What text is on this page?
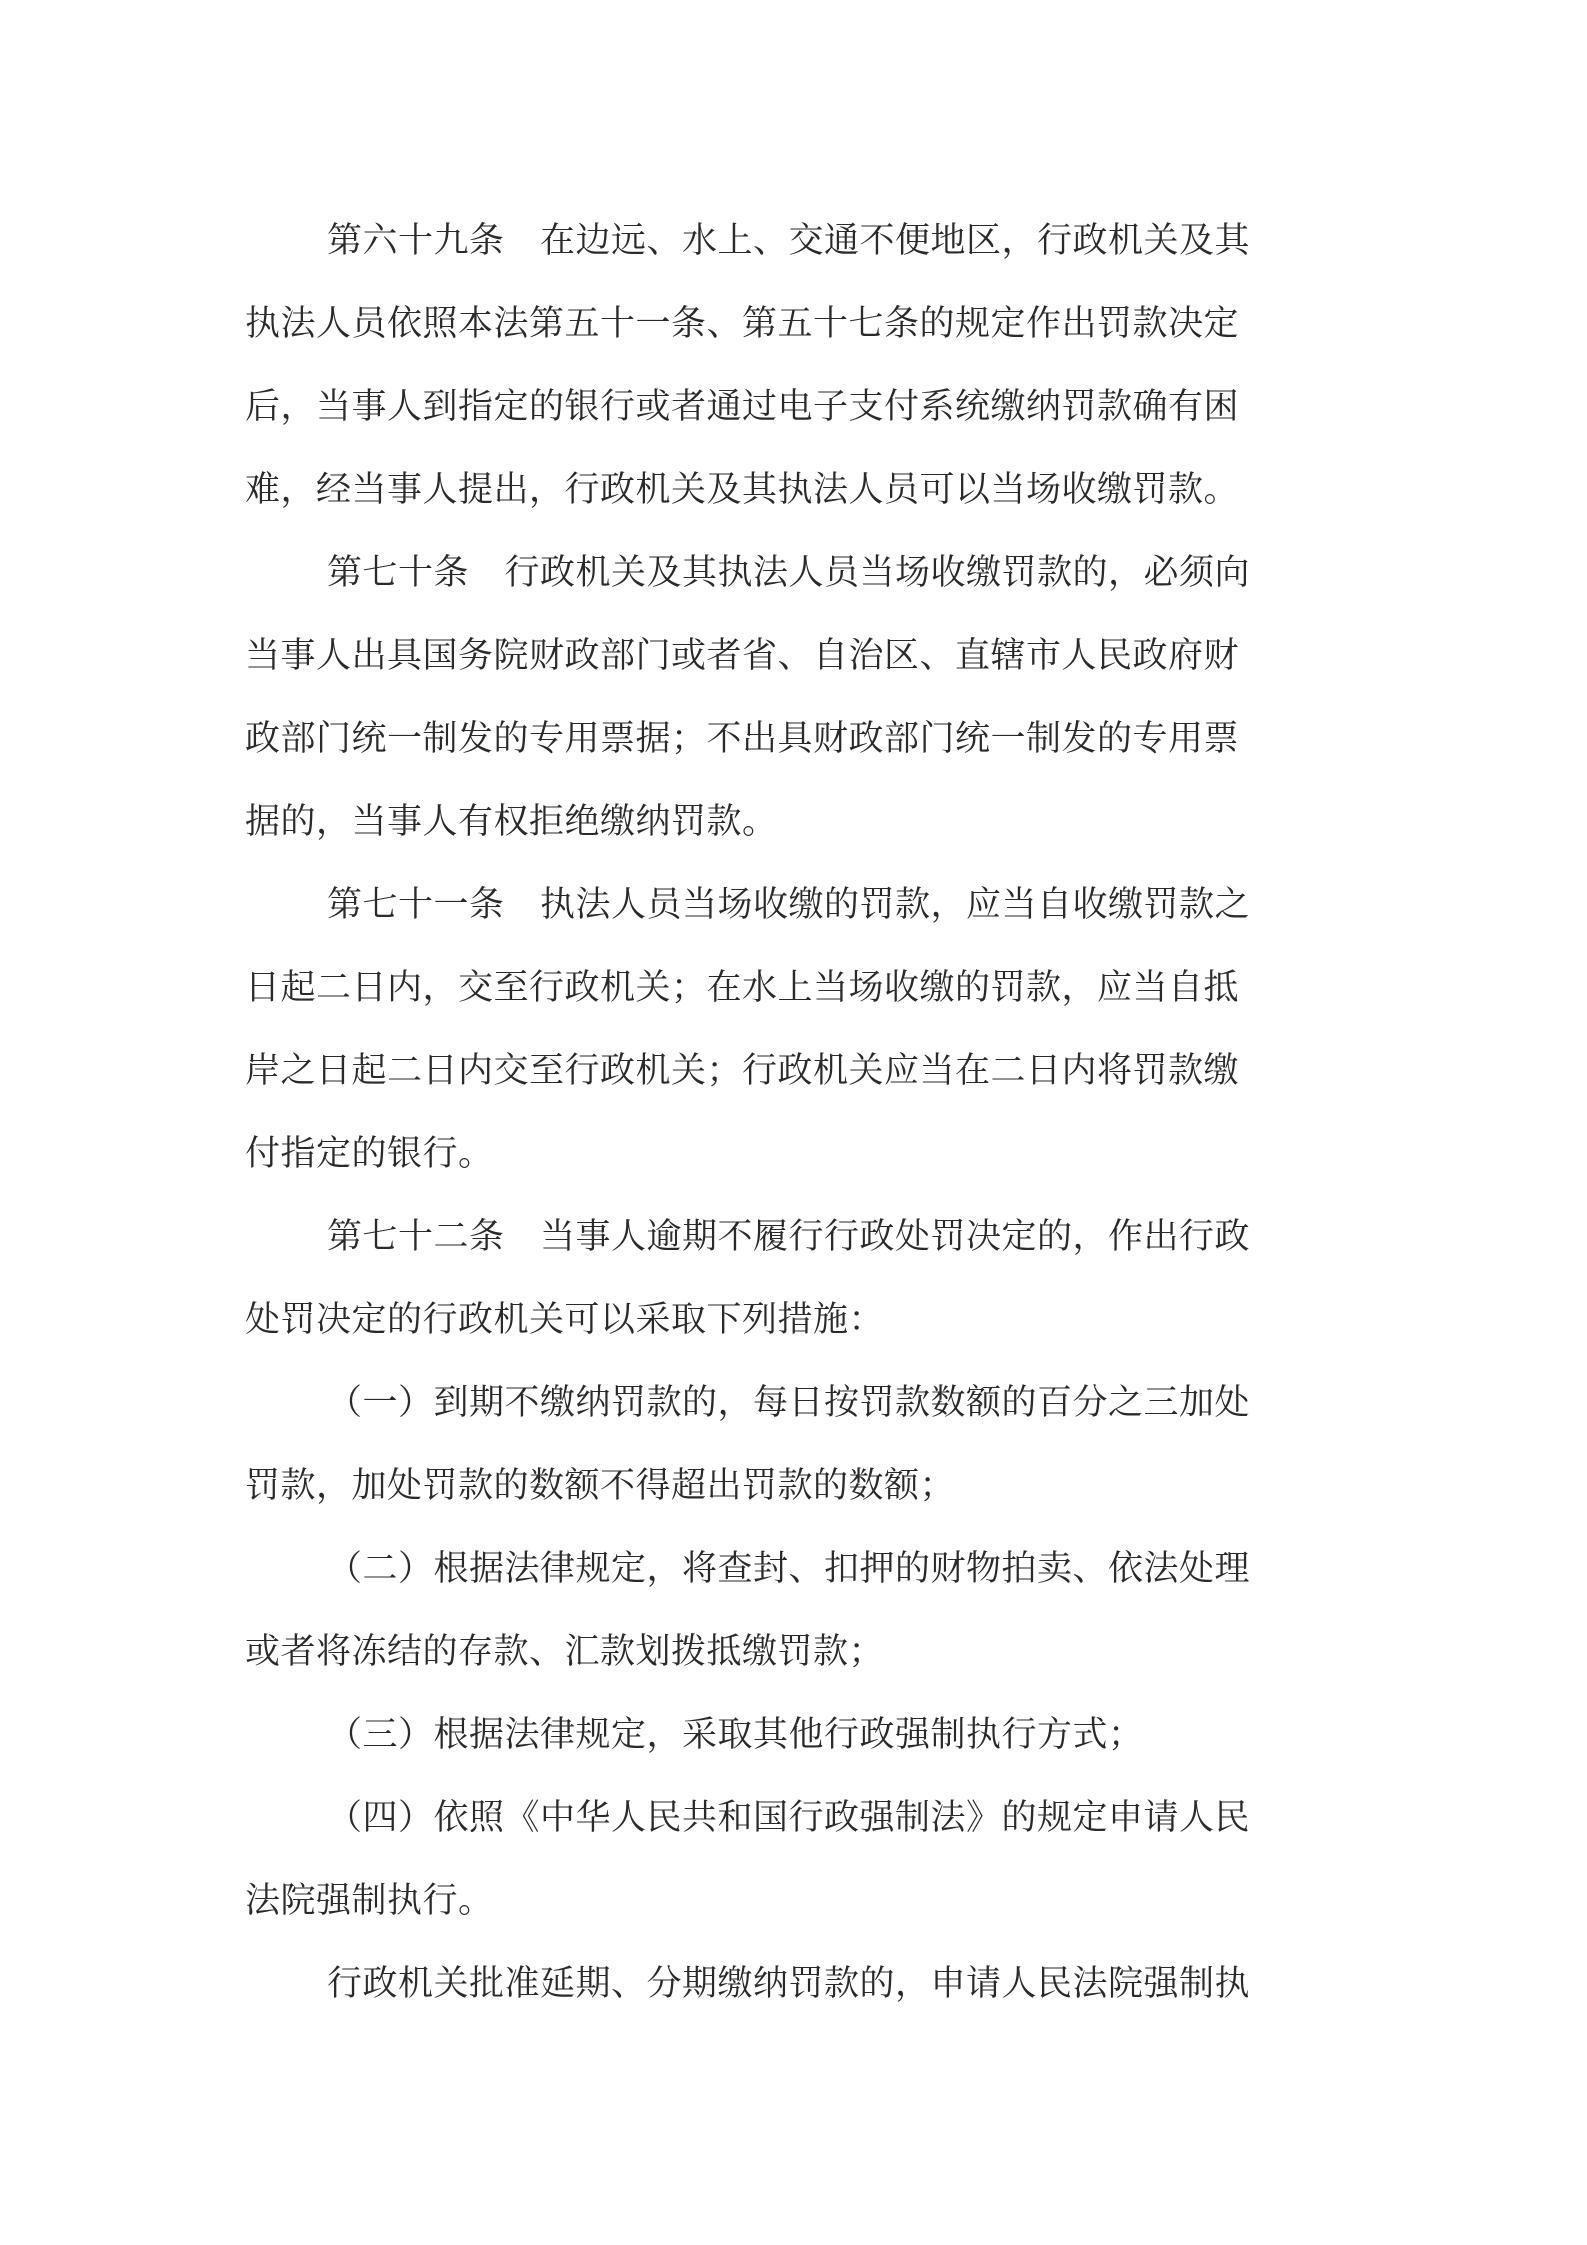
第六十九条　在边远、水上、交通不便地区，行政机关及其
执法人员依照本法第五十一条、第五十七条的规定作出罚款决定
后，当事人到指定的银行或者通过电子支付系统缴纳罚款确有困
难，经当事人提出，行政机关及其执法人员可以当场收缴罚款。
第七十条　行政机关及其执法人员当场收缴罚款的，必须向
当事人出具国务院财政部门或者省、自治区、直辖市人民政府财
政部门统一制发的专用票据；不出具财政部门统一制发的专用票
据的，当事人有权拒绝缴纳罚款。
第七十一条　执法人员当场收缴的罚款，应当自收缴罚款之
日起二日内，交至行政机关；在水上当场收缴的罚款，应当自抵
岸之日起二日内交至行政机关；行政机关应当在二日内将罚款缴
付指定的银行。
第七十二条　当事人逾期不履行行政处罚决定的，作出行政
处罚决定的行政机关可以采取下列措施：
（一）到期不缴纳罚款的，每日按罚款数额的百分之三加处
罚款，加处罚款的数额不得超出罚款的数额；
（二）根据法律规定，将查封、扣押的财物拍卖、依法处理
或者将冻结的存款、汇款划拨抵缴罚款；
（三）根据法律规定，采取其他行政强制执行方式；
（四）依照《中华人民共和国行政强制法》的规定申请人民
法院强制执行。
行政机关批准延期、分期缴纳罚款的，申请人民法院强制执
